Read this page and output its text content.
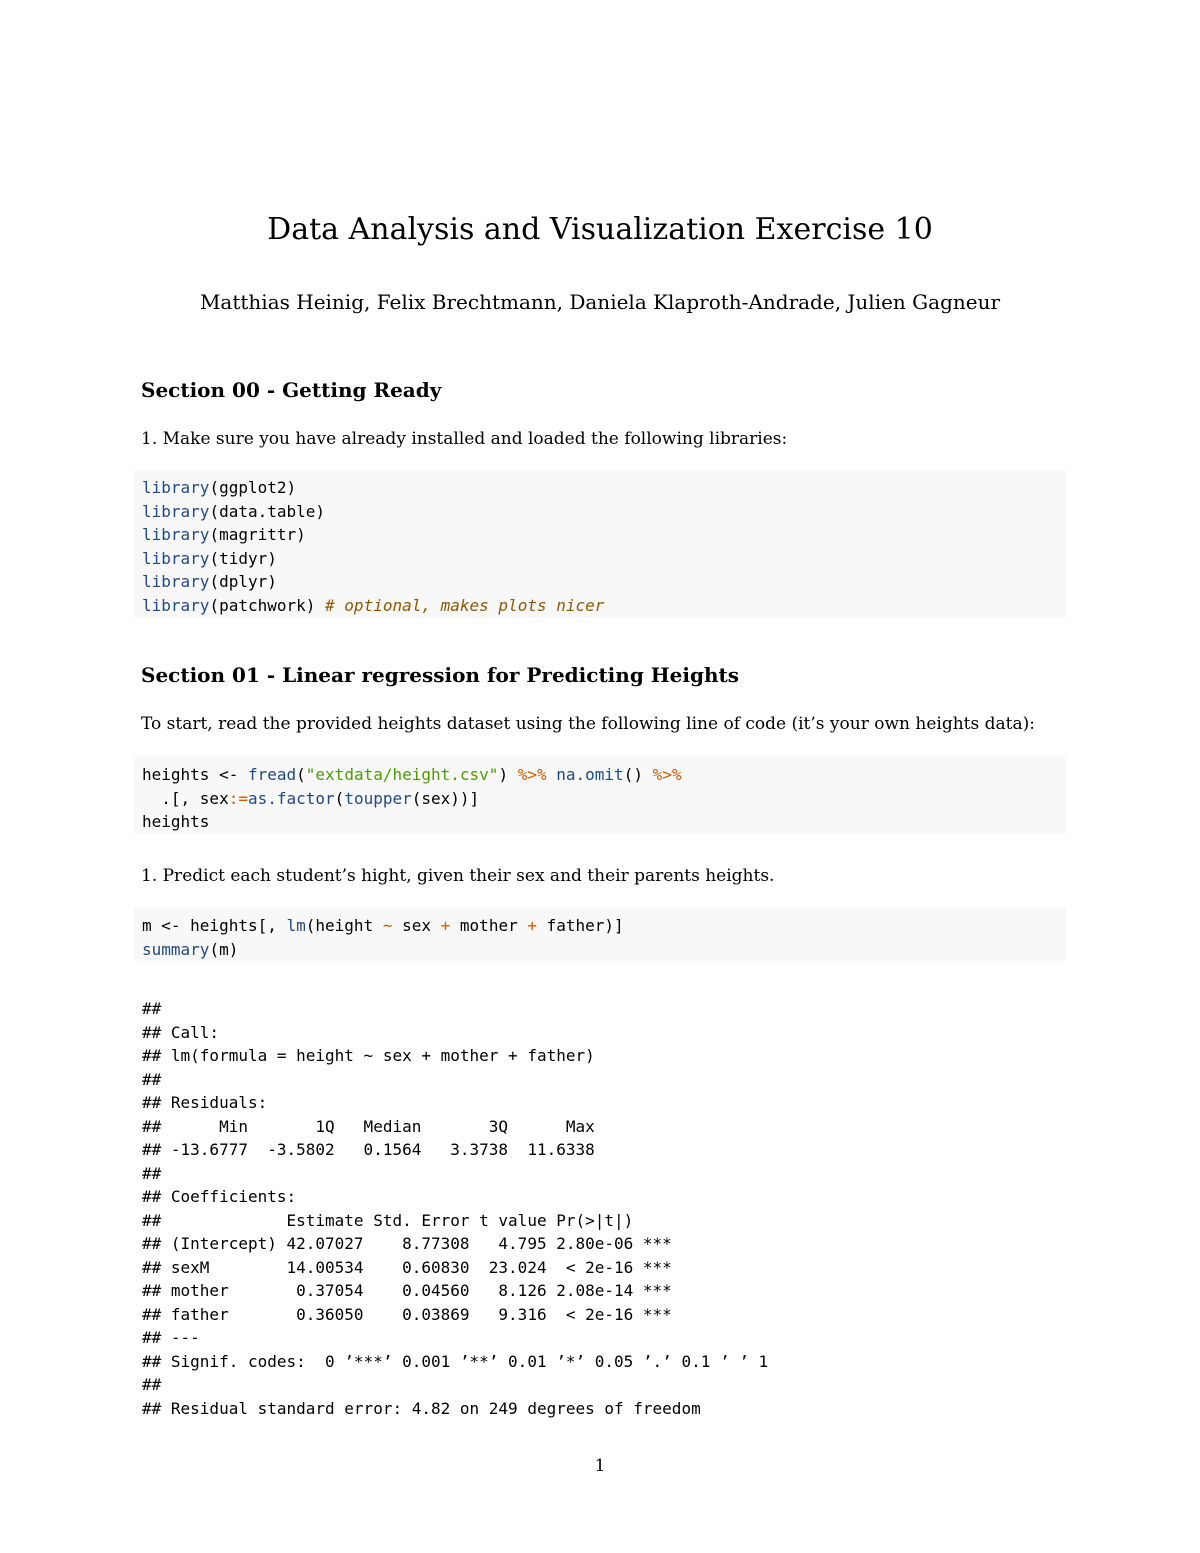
Data Analysis and Visualization Exercise 10

Matthias Heinig, Felix Brechtmann, Daniela Klaproth-Andrade, Julien Gagneur

Section 00 - Getting Ready

1. Make sure you have already installed and loaded the following libraries:

library(ggplot2)
library(data.table)
library(magrittr)
library(tidyr)
library(dplyr)
library(patchwork) # optional, makes plots nicer
Section 01 - Linear regression for Predicting Heights

To start, read the provided heights dataset using the following line of code (it’s your own heights data):

heights <- fread("extdata/height.csv") %>% na.omit() %>%
.[, sex:=as.factor(toupper(sex))]
heights

1. Predict each student’s hight, given their sex and their parents heights.

m <- heights[, lm(height ~ sex + mother + father)]
summary(m)
##
## Call:
## lm(formula = height ~ sex + mother + father)
##
## Residuals:
##      Min       1Q   Median       3Q      Max
## -13.6777  -3.5802   0.1564   3.3738  11.6338
##
## Coefficients:
##             Estimate Std. Error t value Pr(>|t|)
## (Intercept) 42.07027    8.77308   4.795 2.80e-06 ***
## sexM        14.00534    0.60830  23.024  < 2e-16 ***
## mother       0.37054    0.04560   8.126 2.08e-14 ***
## father       0.36050    0.03869   9.316  < 2e-16 ***
## ---
## Signif. codes:  0 ’***’ 0.001 ’**’ 0.01 ’*’ 0.05 ’.’ 0.1 ’ ’ 1
##
## Residual standard error: 4.82 on 249 degrees of freedom
1
